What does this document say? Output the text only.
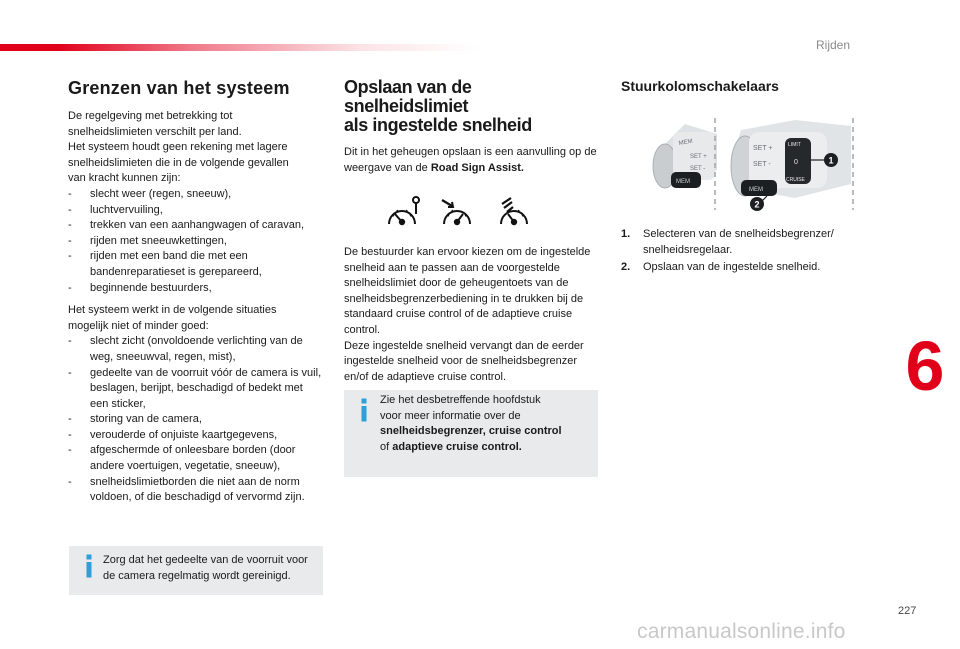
Rijden
Grenzen van het systeem

De regelgeving met betrekking tot

snelheidslimieten verschilt per land.

Het systeem houdt geen rekening met lagere

snelheidslimieten die in de volgende gevallen

van kracht kunnen zijn:

- slecht weer (regen, sneeuw),
- luchtvervuiling,
- trekken van een aanhangwagen of caravan,
- rijden met sneeuwkettingen,
- rijden met een band die met een bandenreparatieset is gerepareerd,
- beginnende bestuurders,

Het systeem werkt in de volgende situaties

mogelijk niet of minder goed:

- slecht zicht (onvoldoende verlichting van de weg, sneeuwval, regen, mist),
- gedeelte van de voorruit vóór de camera is vuil, beslagen, berijpt, beschadigd of bedekt met een sticker,
- storing van de camera,
- verouderde of onjuiste kaartgegevens,
- afgeschermde of onleesbare borden (door andere voertuigen, vegetatie, sneeuw),
- snelheidslimietborden die niet aan de norm voldoen, of die beschadigd of vervormd zijn.
Zorg dat het gedeelte van de voorruit voor
de camera regelmatig wordt gereinigd.
Opslaan van de snelheidslimiet
als ingestelde snelheid

Dit in het geheugen opslaan is een aanvulling op de weergave van de Road Sign Assist.

De bestuurder kan ervoor kiezen om de ingestelde

snelheid aan te passen aan de voorgestelde

snelheidslimiet door de geheugentoets van de

snelheidsbegrenzerbediening in te drukken bij de

standaard cruise control of de adaptieve cruise

control.

Deze ingestelde snelheid vervangt dan de eerder

ingestelde snelheid voor de snelheidsbegrenzer

en/of de adaptieve cruise control.

Zie het desbetreffende hoofdstuk
voor meer informatie over de
snelheidsbegrenzer, cruise control
of adaptieve cruise control.
Stuurkolomschakelaars
MEM
SET +
SET -
MEM
SET +
SET -
LIMIT
0
CRUISE
MEM
1
2
1. Selecteren van de snelheidsbegrenzer/ snelheidsregelaar.
2. Opslaan van de ingestelde snelheid.
6
227
carmanualsonline.info
